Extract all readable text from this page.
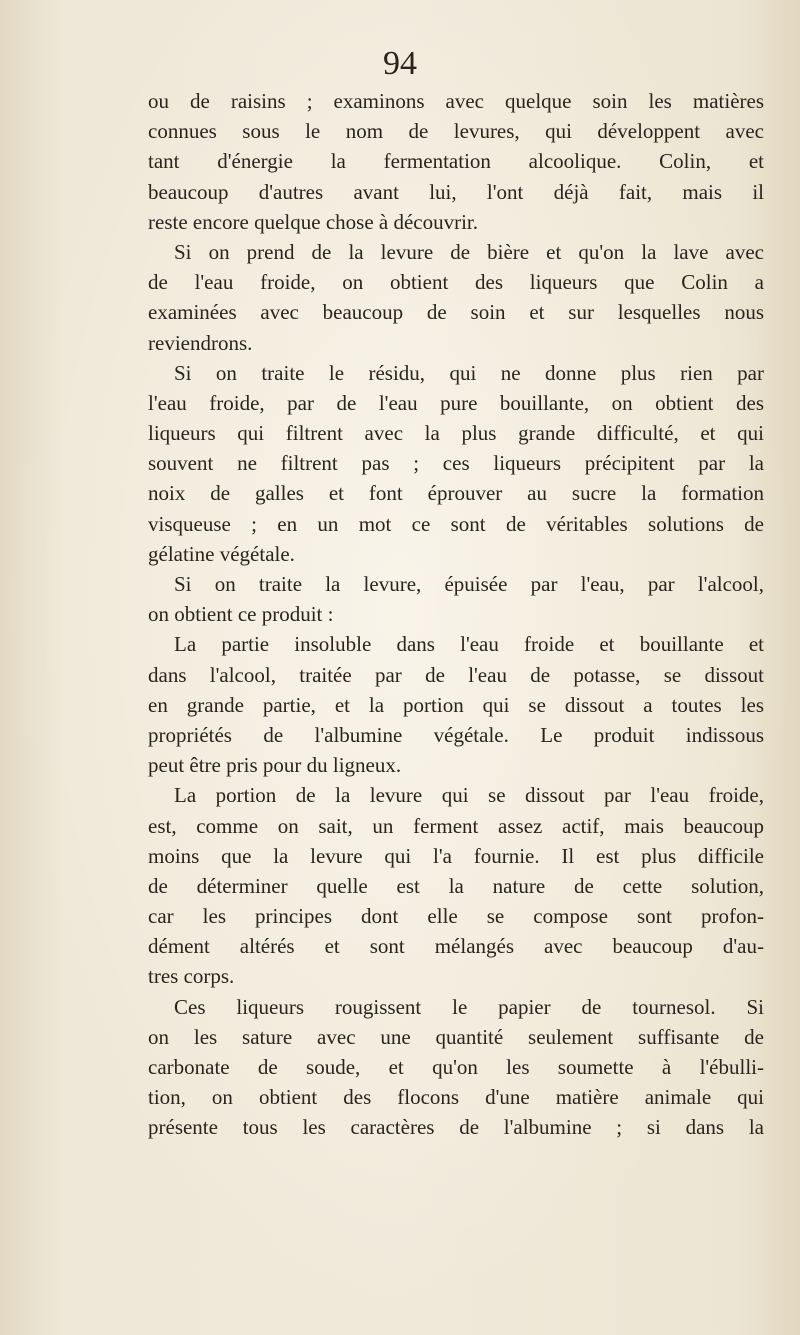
94
ou de raisins ; examinons avec quelque soin les matières
connues sous le nom de levures, qui développent avec
tant d'énergie la fermentation alcoolique. Colin, et
beaucoup d'autres avant lui, l'ont déjà fait, mais il
reste encore quelque chose à découvrir.
Si on prend de la levure de bière et qu'on la lave avec
de l'eau froide, on obtient des liqueurs que Colin a
examinées avec beaucoup de soin et sur lesquelles nous
reviendrons.
Si on traite le résidu, qui ne donne plus rien par
l'eau froide, par de l'eau pure bouillante, on obtient des
liqueurs qui filtrent avec la plus grande difficulté, et qui
souvent ne filtrent pas ; ces liqueurs précipitent par la
noix de galles et font éprouver au sucre la formation
visqueuse ; en un mot ce sont de véritables solutions de
gélatine végétale.
Si on traite la levure, épuisée par l'eau, par l'alcool,
on obtient ce produit :
La partie insoluble dans l'eau froide et bouillante et
dans l'alcool, traitée par de l'eau de potasse, se dissout
en grande partie, et la portion qui se dissout a toutes les
propriétés de l'albumine végétale. Le produit indissous
peut être pris pour du ligneux.
La portion de la levure qui se dissout par l'eau froide,
est, comme on sait, un ferment assez actif, mais beaucoup
moins que la levure qui l'a fournie. Il est plus difficile
de déterminer quelle est la nature de cette solution,
car les principes dont elle se compose sont profon-
dément altérés et sont mélangés avec beaucoup d'au-
tres corps.
Ces liqueurs rougissent le papier de tournesol. Si
on les sature avec une quantité seulement suffisante de
carbonate de soude, et qu'on les soumette à l'ébulli-
tion, on obtient des flocons d'une matière animale qui
présente tous les caractères de l'albumine ; si dans la
